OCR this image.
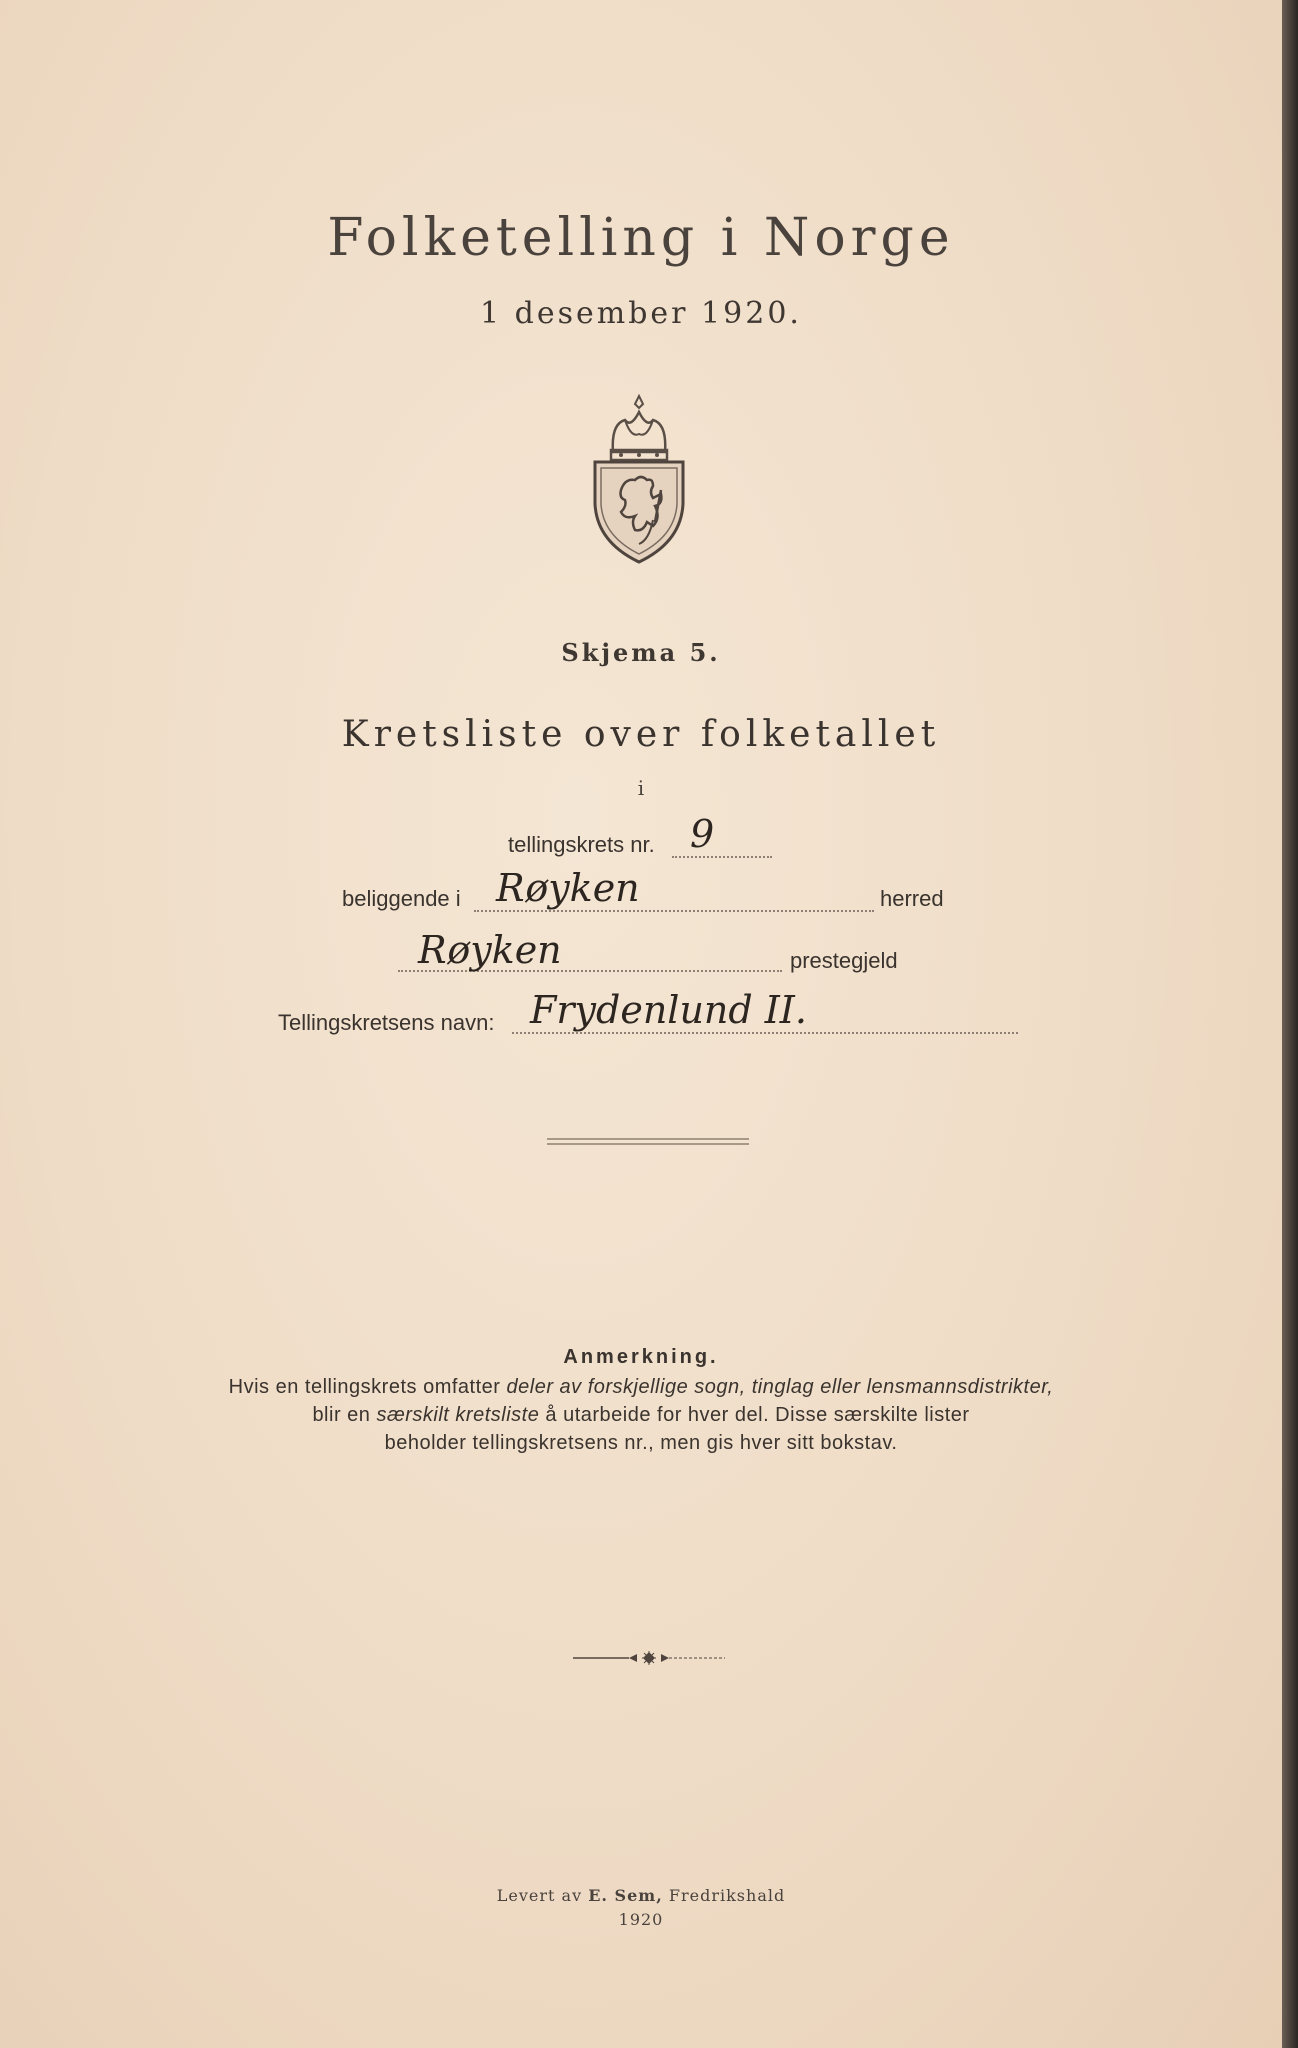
Folketelling i Norge
1 desember 1920.
Skjema 5.
Kretsliste over folketallet
i
tellingskrets nr. 9
beliggende i Røyken	herred
Røyken	prestegjeld
Tellingskretsens navn: Frydenlund II.
Anmerkning.
Hvis en tellingskrets omfatter deler av forskjellige sogn, tinglag eller lensmannsdistrikter,
blir en særskilt kretsliste å utarbeide for hver del. Disse særskilte lister
beholder tellingskretsens nr., men gis hver sitt bokstav.
Levert av E. Sem, Fredrikshald
1920
